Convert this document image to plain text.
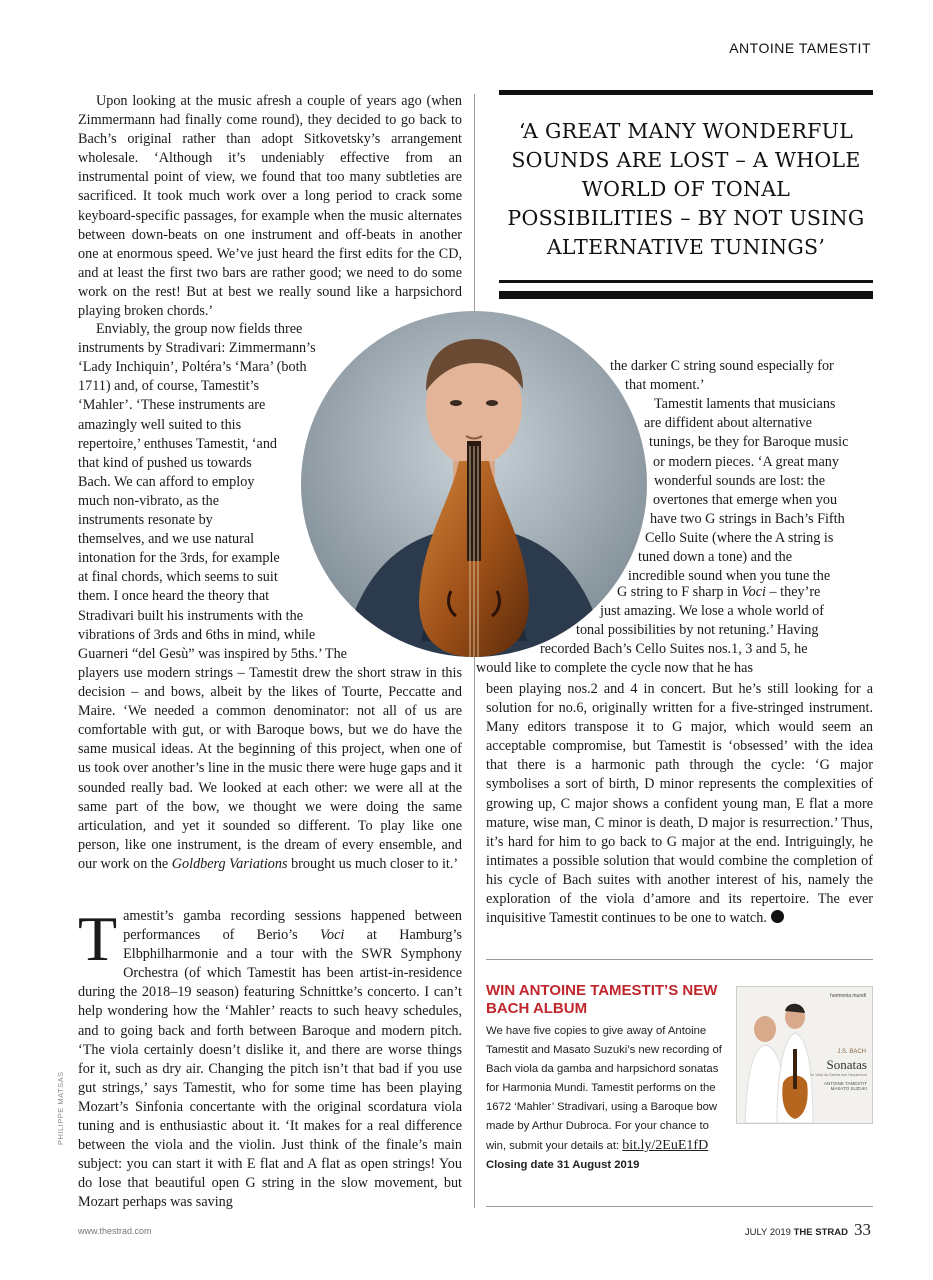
ANTOINE TAMESTIT

‘A GREAT MANY WONDERFUL SOUNDS ARE LOST – A WHOLE WORLD OF TONAL POSSIBILITIES – BY NOT USING ALTERNATIVE TUNINGS’

Upon looking at the music afresh a couple of years ago (when Zimmermann had finally come round), they decided to go back to Bach’s original rather than adopt Sitkovetsky’s arrangement wholesale. ‘Although it’s undeniably effective from an instrumental point of view, we found that too many subtleties are sacrificed. It took much work over a long period to crack some keyboard-specific passages, for example when the music alternates between down-beats on one instrument and off-beats in another one at enormous speed. We’ve just heard the first edits for the CD, and at least the first two bars are rather good; we need to do some work on the rest! But at best we really sound like a harpsichord playing broken chords.’

Enviably, the group now fields three
instruments by Stradivari: Zimmermann’s
‘Lady Inchiquin’, Poltéra’s ‘Mara’ (both
1711) and, of course, Tamestit’s
‘Mahler’. ‘These instruments are
amazingly well suited to this
repertoire,’ enthuses Tamestit, ‘and
that kind of pushed us towards
Bach. We can afford to employ
much non-vibrato, as the
instruments resonate by
themselves, and we use natural
intonation for the 3rds, for example
at final chords, which seems to suit
them. I once heard the theory that
Stradivari built his instruments with the
vibrations of 3rds and 6ths in mind, while
Guarneri “del Gesù” was inspired by 5ths.’ The

players use modern strings – Tamestit drew the short straw in this decision – and bows, albeit by the likes of Tourte, Peccatte and Maire. ‘We needed a common denominator: not all of us are comfortable with gut, or with Baroque bows, but we do have the same musical ideas. At the beginning of this project, when one of us took over another’s line in the music there were huge gaps and it sounded really bad. We looked at each other: we were all at the same part of the bow, we thought we were doing the same articulation, and yet it sounded so different. To play like one person, like one instrument, is the dream of every ensemble, and our work on the Goldberg Variations brought us much closer to it.’

Tamestit’s gamba recording sessions happened between performances of Berio’s Voci at Hamburg’s Elbphilharmonie and a tour with the SWR Symphony Orchestra (of which Tamestit has been artist-in-residence during the 2018–19 season) featuring Schnittke’s concerto. I can’t help wondering how the ‘Mahler’ reacts to such heavy schedules, and to going back and forth between Baroque and modern pitch. ‘The viola certainly doesn’t dislike it, and there are worse things for it, such as dry air. Changing the pitch isn’t that bad if you use gut strings,’ says Tamestit, who for some time has been playing Mozart’s Sinfonia concertante with the original scordatura viola tuning and is enthusiastic about it. ‘It makes for a real difference between the viola and the violin. Just think of the finale’s main subject: you can start it with E flat and A flat as open strings! You do lose that beautiful open G string in the slow movement, but Mozart perhaps was saving

the darker C string sound especially for
that moment.’
Tamestit laments that musicians
are diffident about alternative
tunings, be they for Baroque music
or modern pieces. ‘A great many
wonderful sounds are lost: the
overtones that emerge when you
have two G strings in Bach’s Fifth
Cello Suite (where the A string is
tuned down a tone) and the
incredible sound when you tune the
G string to F sharp in Voci – they’re
just amazing. We lose a whole world of
tonal possibilities by not retuning.’ Having
recorded Bach’s Cello Suites nos.1, 3 and 5, he
would like to complete the cycle now that he has

been playing nos.2 and 4 in concert. But he’s still looking for a solution for no.6, originally written for a five-stringed instrument. Many editors transpose it to G major, which would seem an acceptable compromise, but Tamestit is ‘obsessed’ with the idea that there is a harmonic path through the cycle: ‘G major symbolises a sort of birth, D minor represents the complexities of growing up, C major shows a confident young man, E flat a more mature, wise man, C minor is death, D major is resurrection.’ Thus, it’s hard for him to go back to G major at the end. Intriguingly, he intimates a possible solution that would combine the completion of his cycle of Bach suites with another interest of his, namely the exploration of the viola d’amore and its repertoire. The ever inquisitive Tamestit continues to be one to watch.

WIN ANTOINE TAMESTIT’S NEW BACH ALBUM

We have five copies to give away of Antoine Tamestit and Masato Suzuki’s new recording of Bach viola da gamba and harpsichord sonatas for Harmonia Mundi. Tamestit performs on the 1672 ‘Mahler’ Stradivari, using a Baroque bow made by Arthur Dubroca. For your chance to win, submit your details at: bit.ly/2EuE1fD
Closing date 31 August 2019

harmonia mundi
J.S. BACH
Sonatas
for Viola da Gamba and Harpsichord
ANTOINE TAMESTIT
MASATO SUZUKI
PHILIPPE MATSAS
www.thestrad.com	JULY 2019 THE STRAD 33
